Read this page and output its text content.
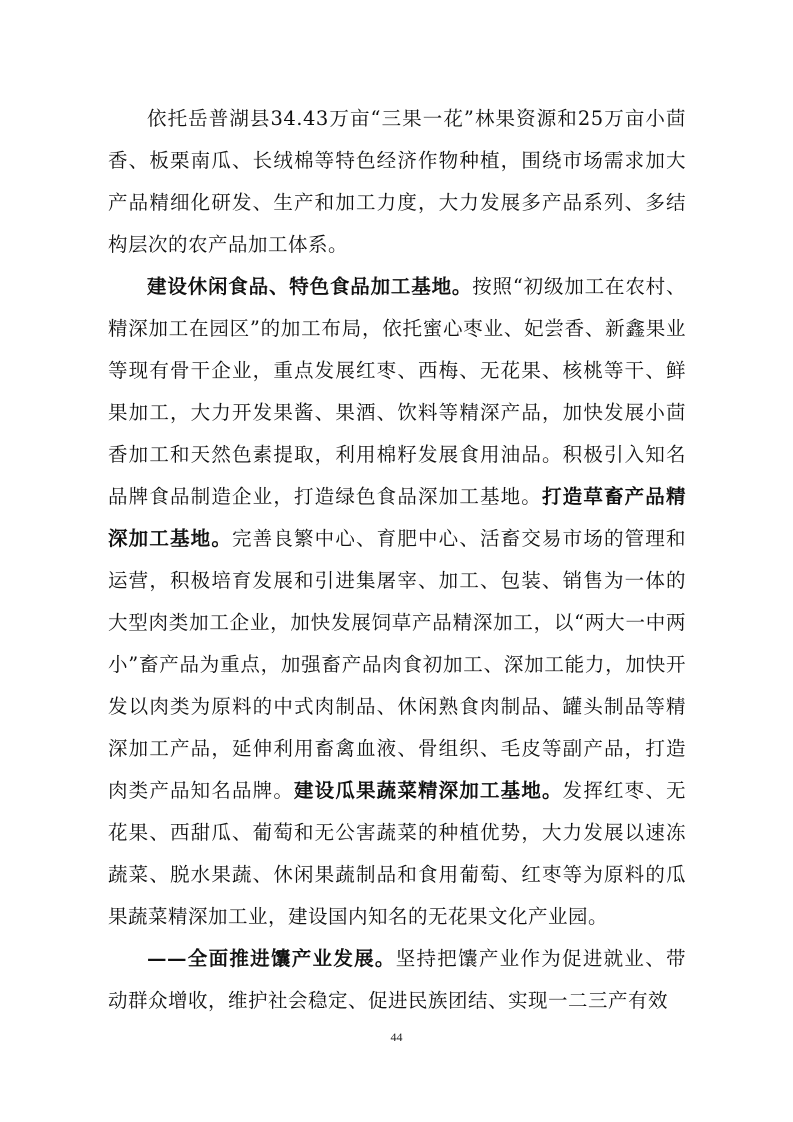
依托岳普湖县34.43万亩“三果一花”林果资源和25万亩小茴香、板栗南瓜、长绒棉等特色经济作物种植，围绕市场需求加大产品精细化研发、生产和加工力度，大力发展多产品系列、多结构层次的农产品加工体系。

建设休闲食品、特色食品加工基地。按照“初级加工在农村、精深加工在园区”的加工布局，依托蜜心枣业、妃尝香、新鑫果业等现有骨干企业，重点发展红枣、西梅、无花果、核桃等干、鲜果加工，大力开发果酱、果酒、饮料等精深产品，加快发展小茴香加工和天然色素提取，利用棉籽发展食用油品。积极引入知名品牌食品制造企业，打造绿色食品深加工基地。打造草畜产品精深加工基地。完善良繁中心、育肥中心、活畜交易市场的管理和运营，积极培育发展和引进集屠宰、加工、包装、销售为一体的大型肉类加工企业，加快发展饲草产品精深加工，以“两大一中两小”畜产品为重点，加强畜产品肉食初加工、深加工能力，加快开发以肉类为原料的中式肉制品、休闲熟食肉制品、罐头制品等精深加工产品，延伸利用畜禽血液、骨组织、毛皮等副产品，打造肉类产品知名品牌。建设瓜果蔬菜精深加工基地。发挥红枣、无花果、西甜瓜、葡萄和无公害蔬菜的种植优势，大力发展以速冻蔬菜、脱水果蔬、休闲果蔬制品和食用葡萄、红枣等为原料的瓜果蔬菜精深加工业，建设国内知名的无花果文化产业园。

——全面推进馕产业发展。坚持把馕产业作为促进就业、带动群众增收，维护社会稳定、促进民族团结、实现一二三产有效

44
